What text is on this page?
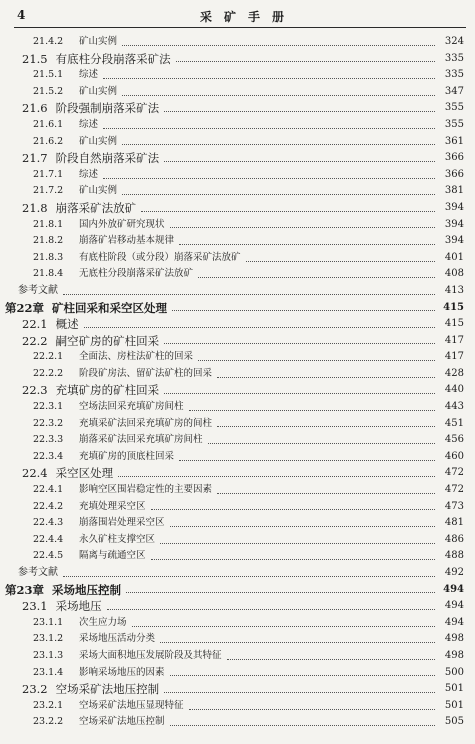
4	采矿手册
21.4.2	矿山实例	324
21.5 有底柱分段崩落采矿法	335
21.5.1	综述	335
21.5.2	矿山实例	347
21.6 阶段强制崩落采矿法	355
21.6.1	综述	355
21.6.2	矿山实例	361
21.7 阶段自然崩落采矿法	366
21.7.1	综述	366
21.7.2	矿山实例	381
21.8 崩落采矿法放矿	394
21.8.1	国内外放矿研究现状	394
21.8.2	崩落矿岩移动基本规律	394
21.8.3	有底柱阶段（或分段）崩落采矿法放矿	401
21.8.4	无底柱分段崩落采矿法放矿	408
参考文献	413
第22章 矿柱回采和采空区处理	415
22.1 概述	415
22.2 嗣空矿房的矿柱回采	417
22.2.1	全面法、房柱法矿柱的回采	417
22.2.2	阶段矿房法、留矿法矿柱的回采	428
22.3 充填矿房的矿柱回采	440
22.3.1	空场法回采充填矿房间柱	443
22.3.2	充填采矿法回采充填矿房的间柱	451
22.3.3	崩落采矿法回采充填矿房间柱	456
22.3.4	充填矿房的顶底柱回采	460
22.4 采空区处理	472
22.4.1	影响空区围岩稳定性的主要因素	472
22.4.2	充填处理采空区	473
22.4.3	崩落围岩处理采空区	481
22.4.4	永久矿柱支撑空区	486
22.4.5	隔离与疏通空区	488
参考文献	492
第23章 采场地压控制	494
23.1 采场地压	494
23.1.1	次生应力场	494
23.1.2	采场地压活动分类	498
23.1.3	采场大面积地压发展阶段及其特征	498
23.1.4	影响采场地压的因素	500
23.2 空场采矿法地压控制	501
23.2.1	空场采矿法地压显现特征	501
23.2.2	空场采矿法地压控制	505
